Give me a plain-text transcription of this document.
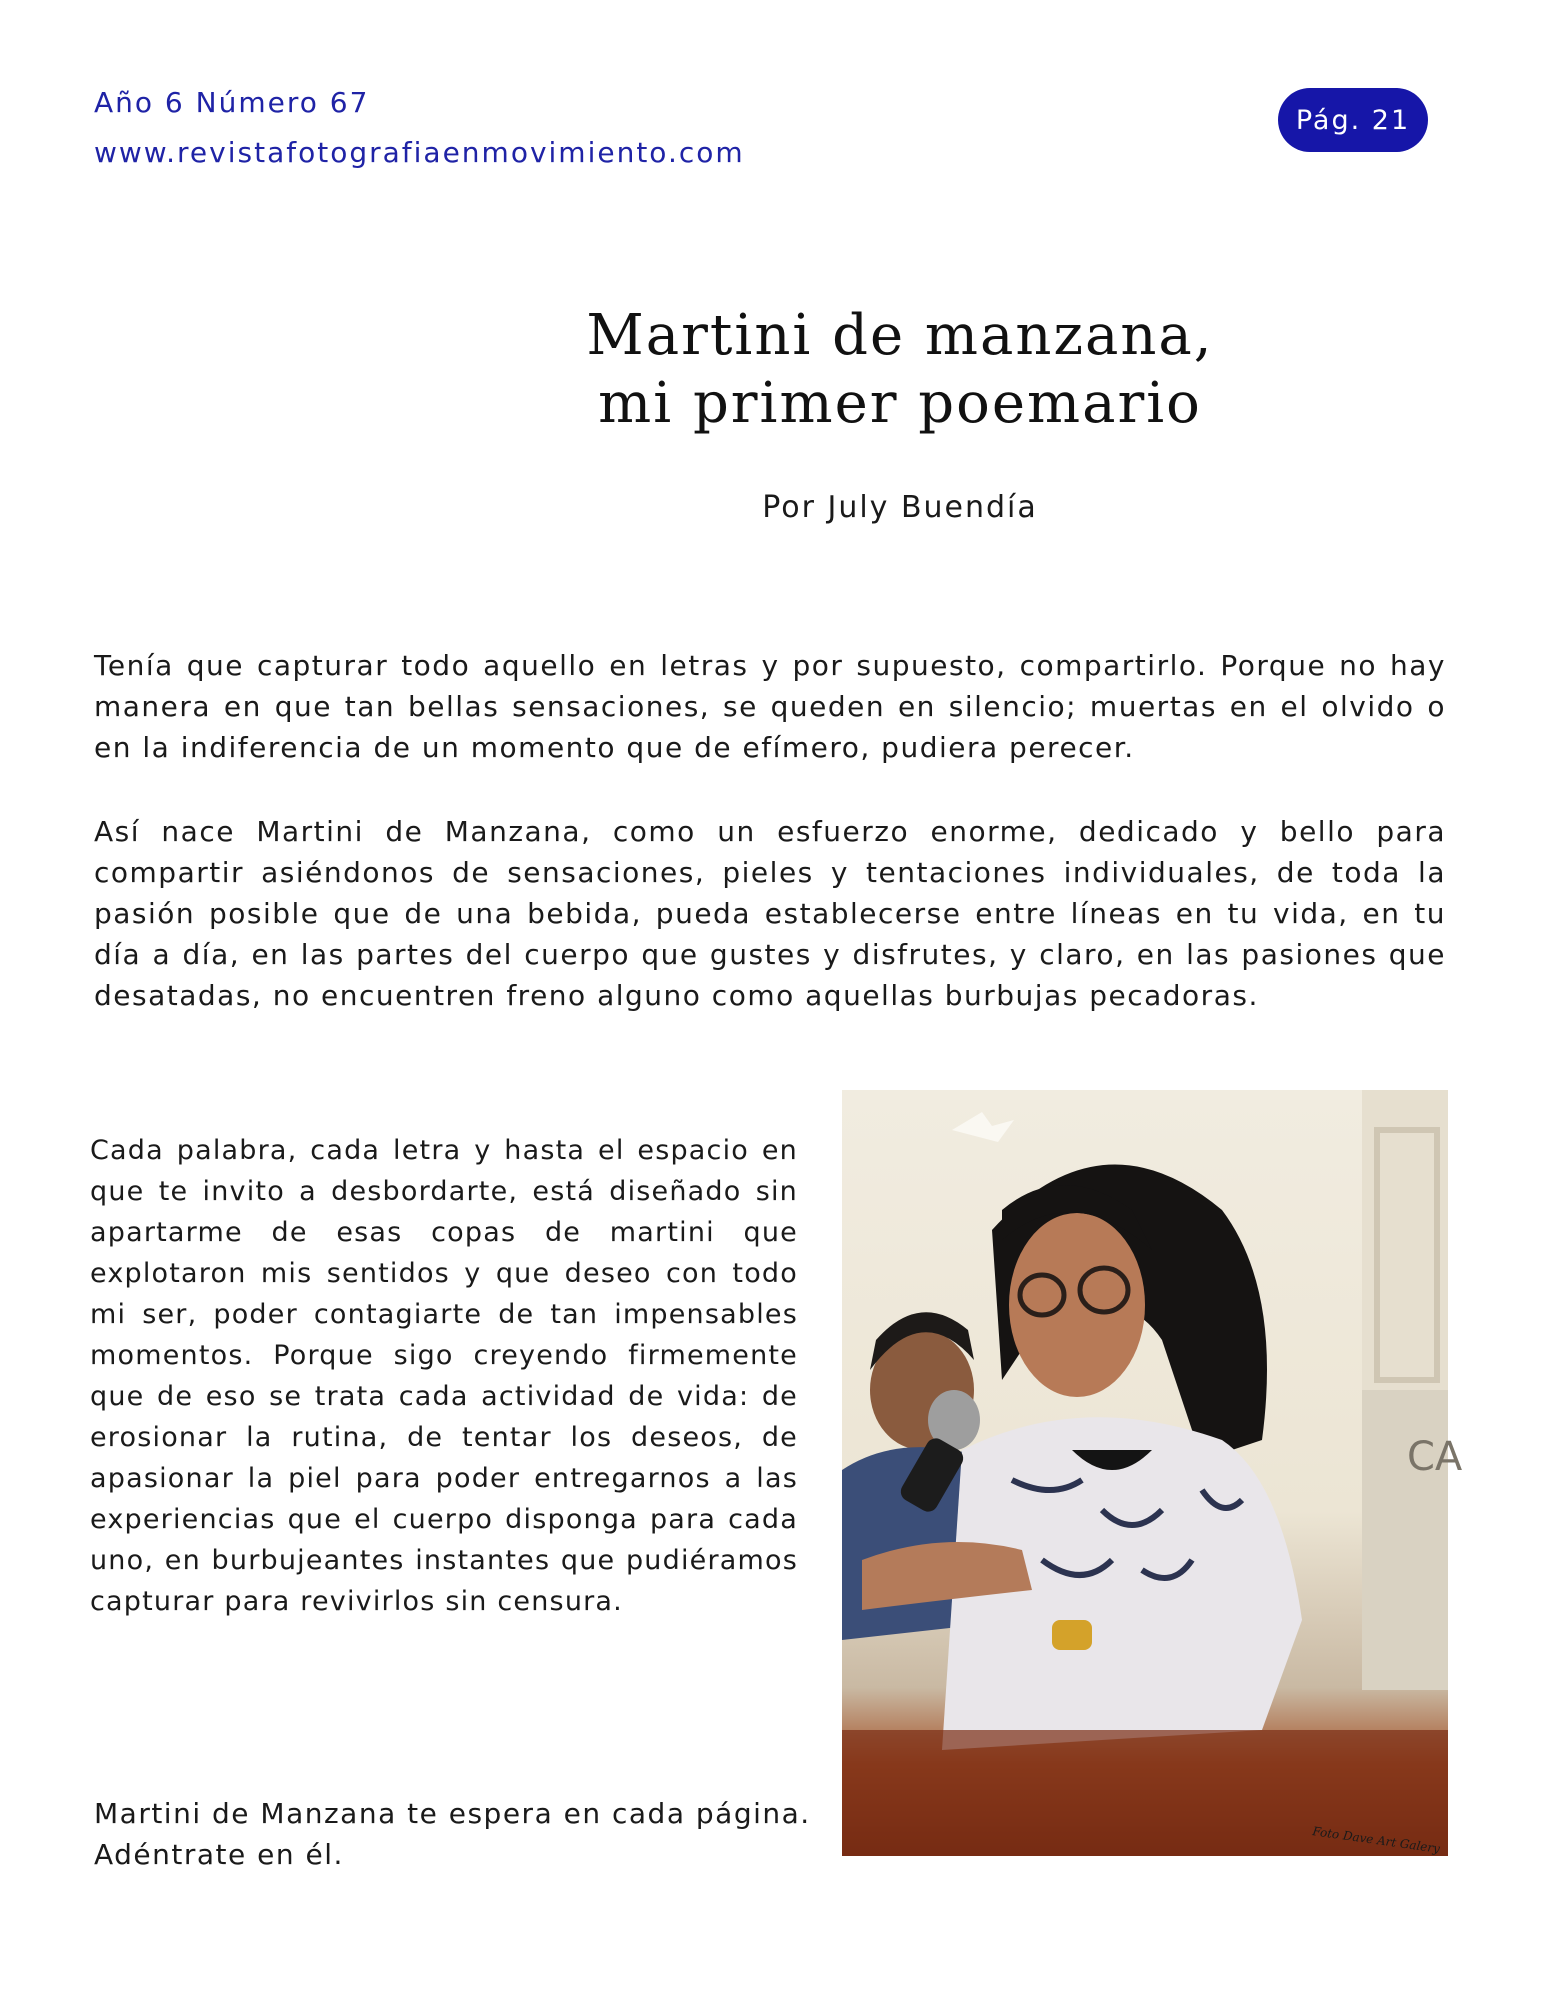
Año 6 Número 67
www.revistafotografiaenmovimiento.com
Pág. 21
Martini de manzana,
mi primer poemario
Por July Buendía

Tenía que capturar todo aquello en letras y por supuesto, compartirlo. Porque no hay manera en que tan bellas sensaciones, se queden en silencio; muertas en el olvido o en la indiferencia de un momento que de efímero, pudiera perecer.

Así nace Martini de Manzana, como un esfuerzo enorme, dedicado y bello para compartir asiéndonos de sensaciones, pieles y tentaciones individuales, de toda la pasión posible que de una bebida, pueda establecerse entre líneas en tu vida, en tu día a día, en las partes del cuerpo que gustes y disfrutes, y claro, en las pasiones que desatadas, no encuentren freno alguno como aquellas burbujas pecadoras.

Cada palabra, cada letra y hasta el espacio en que te invito a desbordarte, está diseñado sin apartarme de esas copas de martini que explotaron mis sentidos y que deseo con todo mi ser, poder contagiarte de tan impensables momentos. Porque sigo creyendo firmemente que de eso se trata cada actividad de vida: de erosionar la rutina, de tentar los deseos, de apasionar la piel para poder entregarnos a las experiencias que el cuerpo disponga para cada uno, en burbujeantes instantes que pudiéramos capturar para revivirlos sin censura.

Martini de Manzana te espera en cada página. Adéntrate en él.

CA
Foto Dave Art Galery
